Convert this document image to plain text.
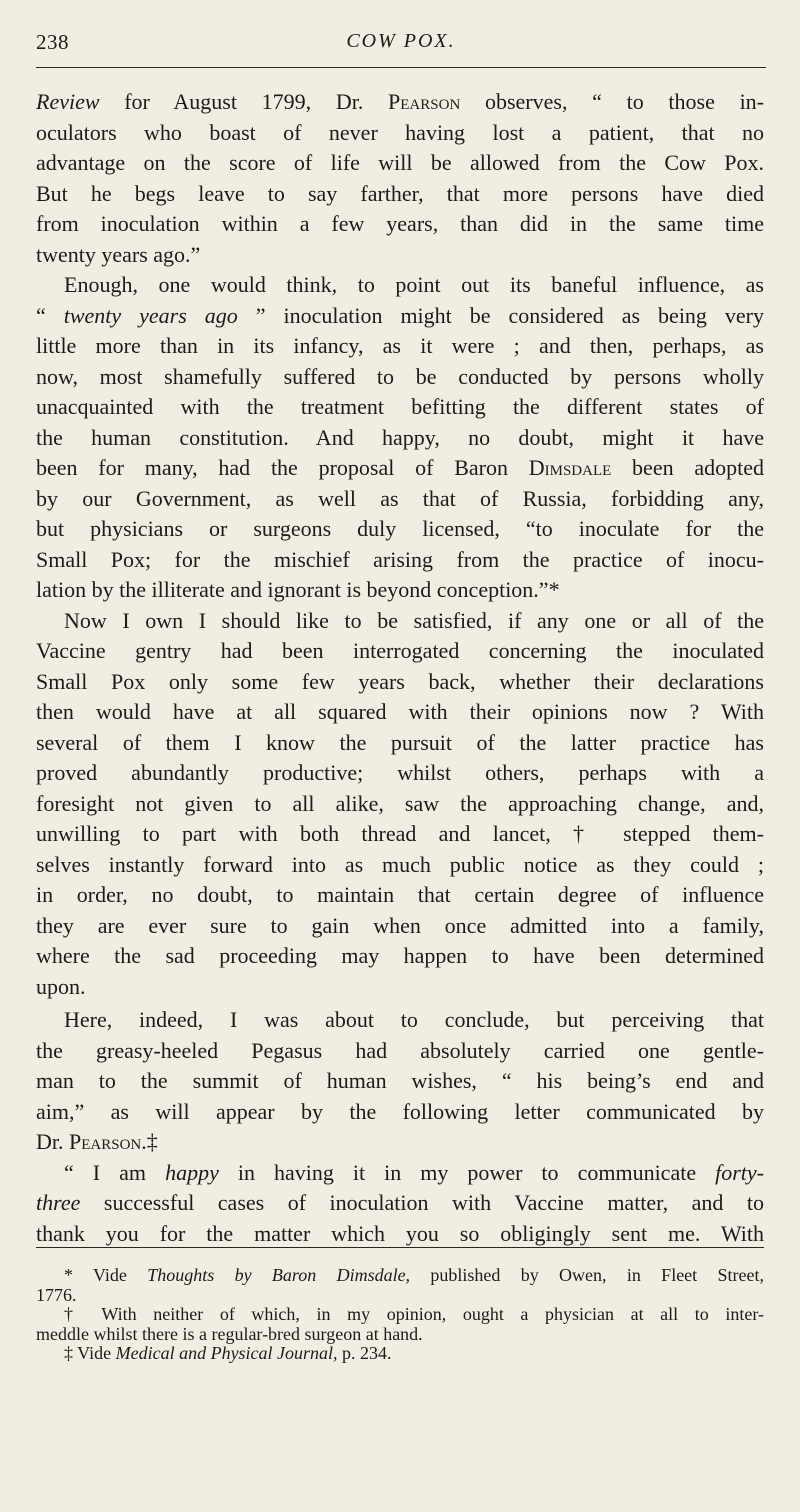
238	COW POX.
Review for August 1799, Dr. Pearson observes, “ to those in-
oculators who boast of never having lost a patient, that no
advantage on the score of life will be allowed from the Cow Pox.
But he begs leave to say farther, that more persons have died
from inoculation within a few years, than did in the same time
twenty years ago.”
Enough, one would think, to point out its baneful influence, as
“ twenty years ago ” inoculation might be considered as being very
little more than in its infancy, as it were ; and then, perhaps, as
now, most shamefully suffered to be conducted by persons wholly
unacquainted with the treatment befitting the different states of
the human constitution. And happy, no doubt, might it have
been for many, had the proposal of Baron Dimsdale been adopted
by our Government, as well as that of Russia, forbidding any,
but physicians or surgeons duly licensed, “to inoculate for the
Small Pox; for the mischief arising from the practice of inocu-
lation by the illiterate and ignorant is beyond conception.”*
Now I own I should like to be satisfied, if any one or all of the
Vaccine gentry had been interrogated concerning the inoculated
Small Pox only some few years back, whether their declarations
then would have at all squared with their opinions now ? With
several of them I know the pursuit of the latter practice has
proved abundantly productive; whilst others, perhaps with a
foresight not given to all alike, saw the approaching change, and,
unwilling to part with both thread and lancet, † stepped them-
selves instantly forward into as much public notice as they could ;
in order, no doubt, to maintain that certain degree of influence
they are ever sure to gain when once admitted into a family,
where the sad proceeding may happen to have been determined
upon.
Here, indeed, I was about to conclude, but perceiving that
the greasy-heeled Pegasus had absolutely carried one gentle-
man to the summit of human wishes, “ his being’s end and
aim,” as will appear by the following letter communicated by
Dr. Pearson.‡
“ I am happy in having it in my power to communicate forty-
three successful cases of inoculation with Vaccine matter, and to
thank you for the matter which you so obligingly sent me. With
* Vide Thoughts by Baron Dimsdale, published by Owen, in Fleet Street,
1776.
† With neither of which, in my opinion, ought a physician at all to inter-
meddle whilst there is a regular-bred surgeon at hand.
‡ Vide Medical and Physical Journal, p. 234.
